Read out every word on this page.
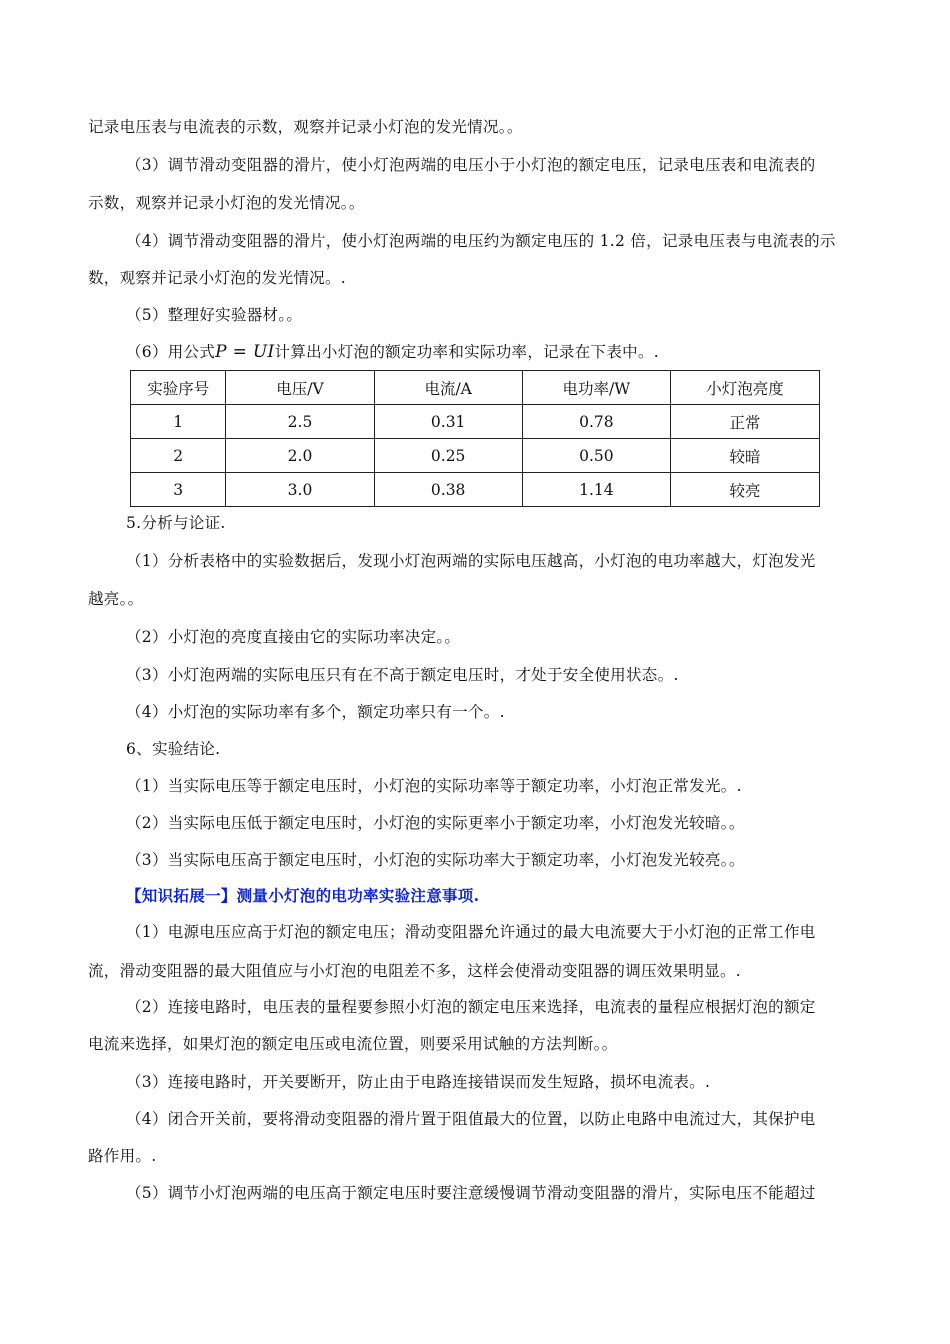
记录电压表与电流表的示数，观察并记录小灯泡的发光情况。。
（3）调节滑动变阻器的滑片，使小灯泡两端的电压小于小灯泡的额定电压，记录电压表和电流表的
示数，观察并记录小灯泡的发光情况。。
（4）调节滑动变阻器的滑片，使小灯泡两端的电压约为额定电压的 1.2 倍，记录电压表与电流表的示
数，观察并记录小灯泡的发光情况。.
（5）整理好实验器材。。
（6）用公式P = UI计算出小灯泡的额定功率和实际功率，记录在下表中。.
实验序号	电压/V	电流/A	电功率/W	小灯泡亮度
1	2.5	0.31	0.78	正常
2	2.0	0.25	0.50	较暗
3	3.0	0.38	1.14	较亮
5.分析与论证.
（1）分析表格中的实验数据后，发现小灯泡两端的实际电压越高，小灯泡的电功率越大，灯泡发光
越亮。。
（2）小灯泡的亮度直接由它的实际功率决定。。
（3）小灯泡两端的实际电压只有在不高于额定电压时，才处于安全使用状态。.
（4）小灯泡的实际功率有多个，额定功率只有一个。.
6、实验结论.
（1）当实际电压等于额定电压时，小灯泡的实际功率等于额定功率，小灯泡正常发光。.
（2）当实际电压低于额定电压时，小灯泡的实际更率小于额定功率，小灯泡发光较暗。。
（3）当实际电压高于额定电压时，小灯泡的实际功率大于额定功率，小灯泡发光较亮。。
【知识拓展一】测量小灯泡的电功率实验注意事项.
（1）电源电压应高于灯泡的额定电压；滑动变阻器允许通过的最大电流要大于小灯泡的正常工作电
流，滑动变阻器的最大阻值应与小灯泡的电阻差不多，这样会使滑动变阻器的调压效果明显。.
（2）连接电路时，电压表的量程要参照小灯泡的额定电压来选择，电流表的量程应根据灯泡的额定
电流来选择，如果灯泡的额定电压或电流位置，则要采用试触的方法判断。。
（3）连接电路时，开关要断开，防止由于电路连接错误而发生短路，损坏电流表。.
（4）闭合开关前，要将滑动变阻器的滑片置于阻值最大的位置，以防止电路中电流过大，其保护电
路作用。.
（5）调节小灯泡两端的电压高于额定电压时要注意缓慢调节滑动变阻器的滑片，实际电压不能超过
